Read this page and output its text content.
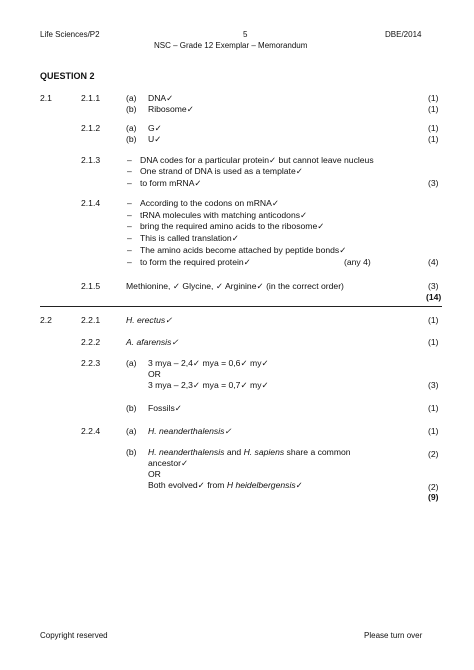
Life Sciences/P2	5	DBE/2014
NSC – Grade 12 Exemplar – Memorandum
QUESTION 2
2.1	2.1.1	(a) DNA✓	(1)
(b) Ribosome✓	(1)
2.1.2	(a) G✓	(1)
(b) U✓	(1)
2.1.3	– DNA codes for a particular protein✓ but cannot leave nucleus
– One strand of DNA is used as a template✓
– to form mRNA✓	(3)
2.1.4	– According to the codons on mRNA✓
– tRNA molecules with matching anticodons✓
– bring the required amino acids to the ribosome✓
– This is called translation✓
– The amino acids become attached by peptide bonds✓
– to form the required protein✓	(any 4)	(4)
2.1.5	Methionine, ✓ Glycine, ✓ Arginine✓ (in the correct order)	(3)
(14)
2.2	2.2.1	H. erectus✓	(1)
2.2.2	A. afarensis✓	(1)
2.2.3	(a) 3 mya – 2,4✓ mya = 0,6✓ my✓
OR
3 mya – 2,3✓ mya = 0,7✓ my✓	(3)
(b) Fossils✓	(1)
2.2.4	(a) H. neanderthalensis✓	(1)
(b) H. neanderthalensis and H. sapiens share a common	(2)
ancestor✓
OR
Both evolved✓ from H heidelbergensis✓	(2)
(9)
Copyright reserved	Please turn over
